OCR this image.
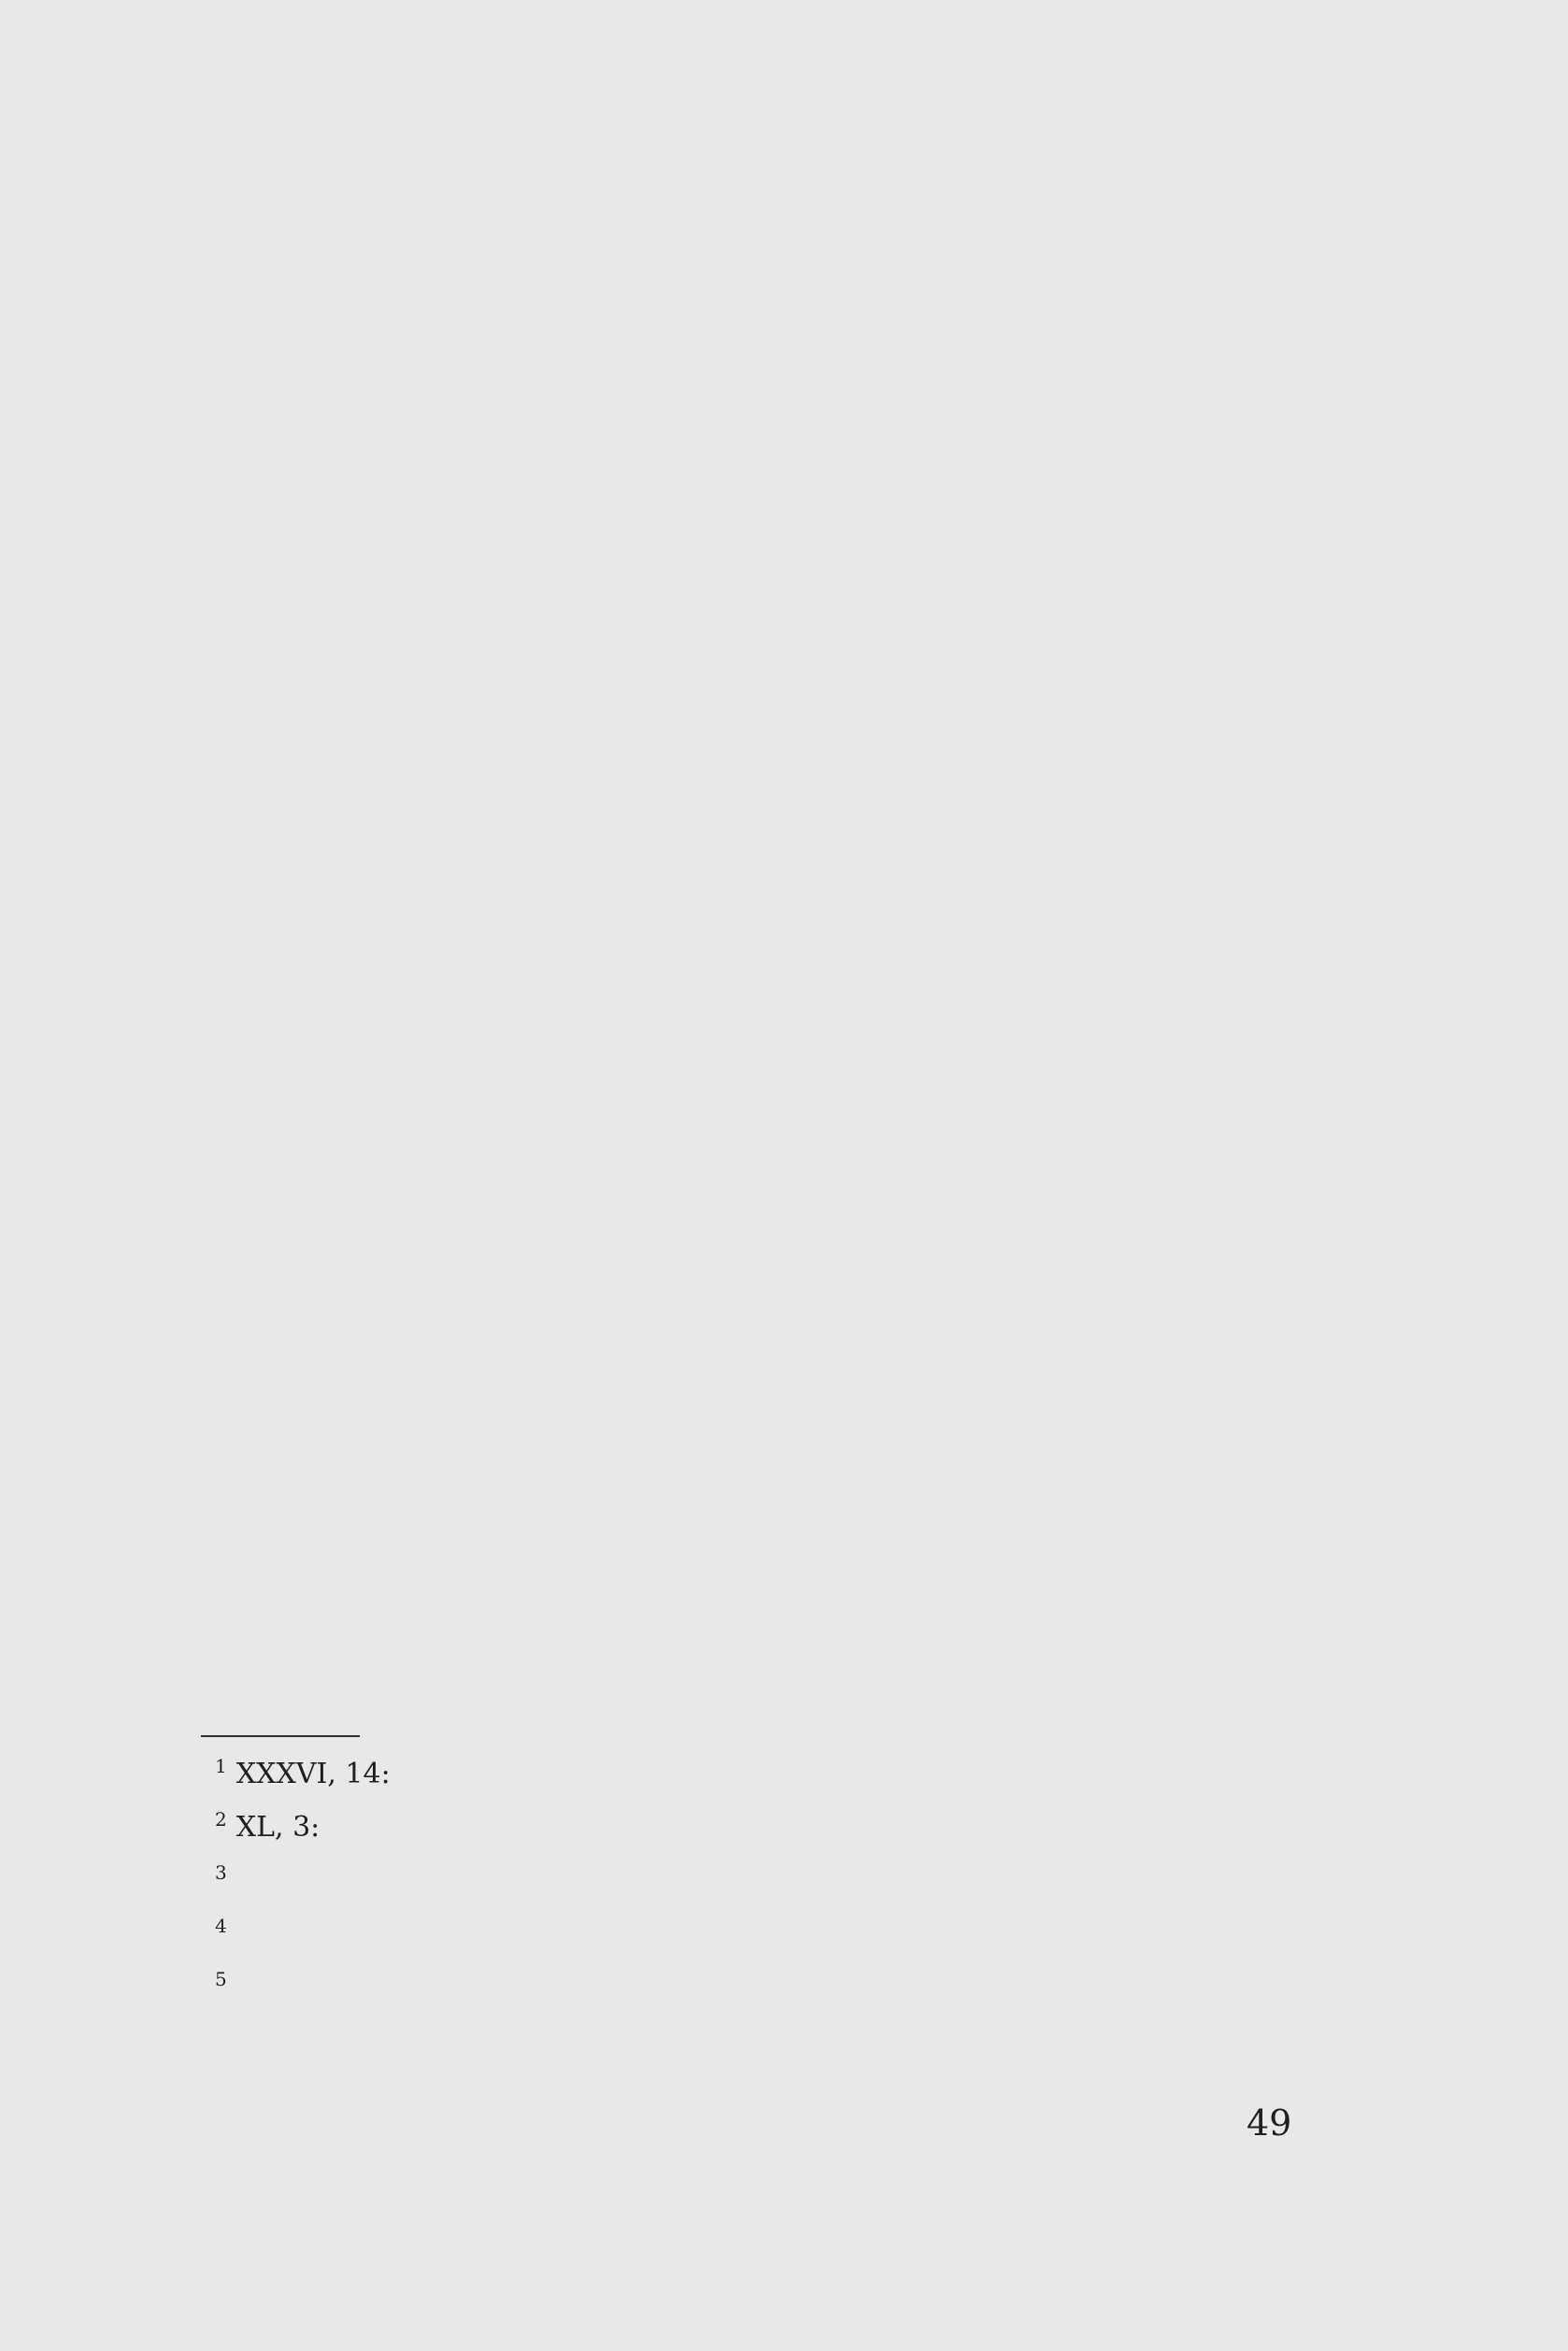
$^1$ XXXVI, 14:
$^2$ XL, 3:
$^3$
$^4$
$^5$
49
